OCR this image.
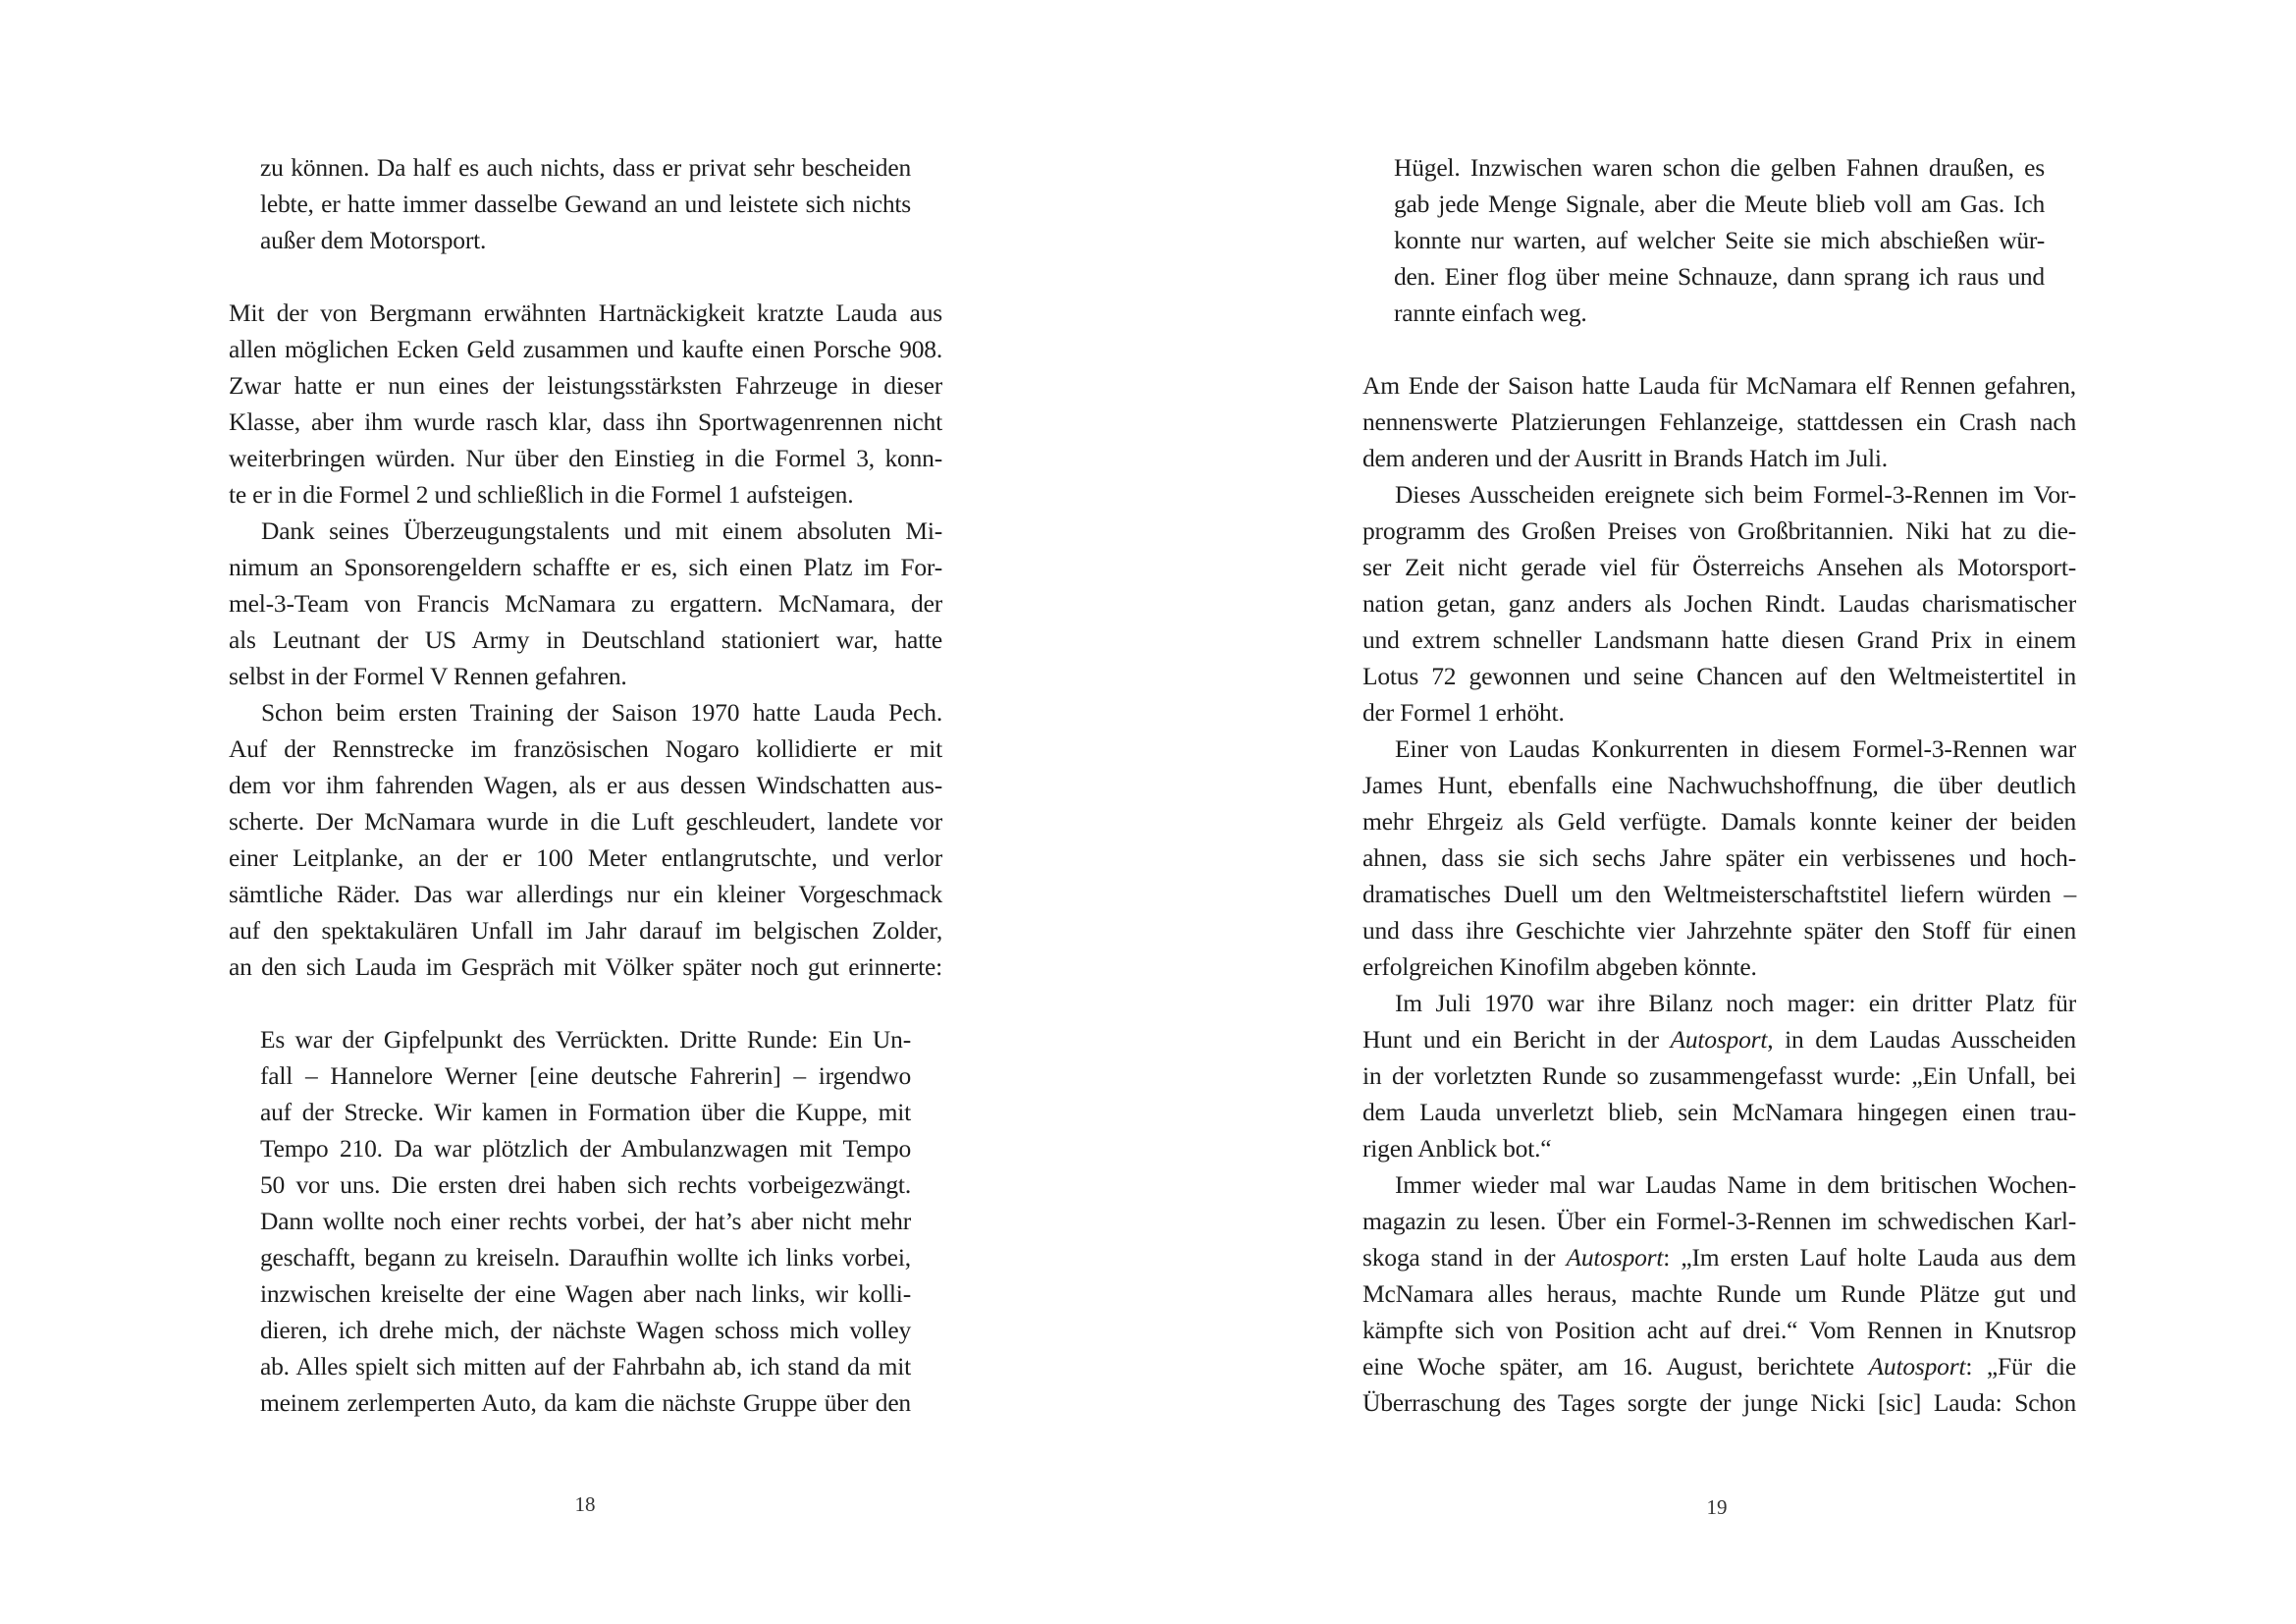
zu können. Da half es auch nichts, dass er privat sehr bescheiden
lebte, er hatte immer dasselbe Gewand an und leistete sich nichts
außer dem Motorsport.
Mit der von Bergmann erwähnten Hartnäckigkeit kratzte Lauda aus
allen möglichen Ecken Geld zusammen und kaufte einen Porsche 908.
Zwar hatte er nun eines der leistungsstärksten Fahrzeuge in dieser
Klasse, aber ihm wurde rasch klar, dass ihn Sportwagenrennen nicht
weiterbringen würden. Nur über den Einstieg in die Formel 3, konn-
te er in die Formel 2 und schließlich in die Formel 1 aufsteigen.
Dank seines Überzeugungstalents und mit einem absoluten Mi-
nimum an Sponsorengeldern schaffte er es, sich einen Platz im For-
mel-3-Team von Francis McNamara zu ergattern. McNamara, der
als Leutnant der US Army in Deutschland stationiert war, hatte
selbst in der Formel V Rennen gefahren.
Schon beim ersten Training der Saison 1970 hatte Lauda Pech.
Auf der Rennstrecke im französischen Nogaro kollidierte er mit
dem vor ihm fahrenden Wagen, als er aus dessen Windschatten aus-
scherte. Der McNamara wurde in die Luft geschleudert, landete vor
einer Leitplanke, an der er 100 Meter entlangrutschte, und verlor
sämtliche Räder. Das war allerdings nur ein kleiner Vorgeschmack
auf den spektakulären Unfall im Jahr darauf im belgischen Zolder,
an den sich Lauda im Gespräch mit Völker später noch gut erinnerte:
Es war der Gipfelpunkt des Verrückten. Dritte Runde: Ein Un-
fall – Hannelore Werner [eine deutsche Fahrerin] – irgendwo
auf der Strecke. Wir kamen in Formation über die Kuppe, mit
Tempo 210. Da war plötzlich der Ambulanzwagen mit Tempo
50 vor uns. Die ersten drei haben sich rechts vorbeigezwängt.
Dann wollte noch einer rechts vorbei, der hat’s aber nicht mehr
geschafft, begann zu kreiseln. Daraufhin wollte ich links vorbei,
inzwischen kreiselte der eine Wagen aber nach links, wir kolli-
dieren, ich drehe mich, der nächste Wagen schoss mich volley
ab. Alles spielt sich mitten auf der Fahrbahn ab, ich stand da mit
meinem zerlemperten Auto, da kam die nächste Gruppe über den
Hügel. Inzwischen waren schon die gelben Fahnen draußen, es
gab jede Menge Signale, aber die Meute blieb voll am Gas. Ich
konnte nur warten, auf welcher Seite sie mich abschießen wür-
den. Einer flog über meine Schnauze, dann sprang ich raus und
rannte einfach weg.
Am Ende der Saison hatte Lauda für McNamara elf Rennen gefahren,
nennenswerte Platzierungen Fehlanzeige, stattdessen ein Crash nach
dem anderen und der Ausritt in Brands Hatch im Juli.
Dieses Ausscheiden ereignete sich beim Formel-3-Rennen im Vor-
programm des Großen Preises von Großbritannien. Niki hat zu die-
ser Zeit nicht gerade viel für Österreichs Ansehen als Motorsport-
nation getan, ganz anders als Jochen Rindt. Laudas charismatischer
und extrem schneller Landsmann hatte diesen Grand Prix in einem
Lotus 72 gewonnen und seine Chancen auf den Weltmeistertitel in
der Formel 1 erhöht.
Einer von Laudas Konkurrenten in diesem Formel-3-Rennen war
James Hunt, ebenfalls eine Nachwuchshoffnung, die über deutlich
mehr Ehrgeiz als Geld verfügte. Damals konnte keiner der beiden
ahnen, dass sie sich sechs Jahre später ein verbissenes und hoch-
dramatisches Duell um den Weltmeisterschaftstitel liefern würden –
und dass ihre Geschichte vier Jahrzehnte später den Stoff für einen
erfolgreichen Kinofilm abgeben könnte.
Im Juli 1970 war ihre Bilanz noch mager: ein dritter Platz für
Hunt und ein Bericht in der Autosport, in dem Laudas Ausscheiden
in der vorletzten Runde so zusammengefasst wurde: „Ein Unfall, bei
dem Lauda unverletzt blieb, sein McNamara hingegen einen trau-
rigen Anblick bot.“
Immer wieder mal war Laudas Name in dem britischen Wochen-
magazin zu lesen. Über ein Formel-3-Rennen im schwedischen Karl-
skoga stand in der Autosport: „Im ersten Lauf holte Lauda aus dem
McNamara alles heraus, machte Runde um Runde Plätze gut und
kämpfte sich von Position acht auf drei.“ Vom Rennen in Knutsrop
eine Woche später, am 16. August, berichtete Autosport: „Für die
Überraschung des Tages sorgte der junge Nicki [sic] Lauda: Schon
18	19
